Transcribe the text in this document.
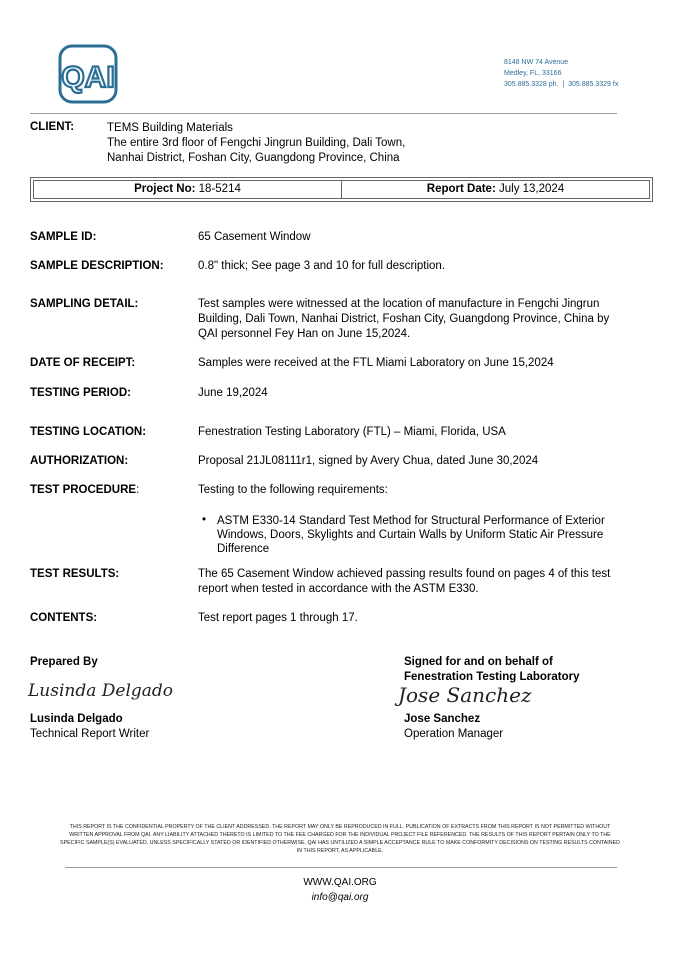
QAI	8148 NW 74 Avenue
Medley, FL, 33166
305.885.3328 ph.  |  305.885.3329 fx
CLIENT:	TEMS Building Materials
The entire 3rd floor of Fengchi Jingrun Building, Dali Town,
Nanhai District, Foshan City, Guangdong Province, China
Project No: 18-5214	Report Date: July 13,2024
SAMPLE ID:	65 Casement Window
SAMPLE DESCRIPTION:	0.8" thick; See page 3 and 10 for full description.
SAMPLING DETAIL:	Test samples were witnessed at the location of manufacture in Fengchi Jingrun Building, Dali Town, Nanhai District, Foshan City, Guangdong Province, China by QAI personnel Fey Han on June 15,2024.
DATE OF RECEIPT:	Samples were received at the FTL Miami Laboratory on June 15,2024
TESTING PERIOD:	June 19,2024
TESTING LOCATION:	Fenestration Testing Laboratory (FTL) – Miami, Florida, USA
AUTHORIZATION:	Proposal 21JL08111r1, signed by Avery Chua, dated June 30,2024
TEST PROCEDURE:	Testing to the following requirements:
• ASTM E330-14 Standard Test Method for Structural Performance of Exterior Windows, Doors, Skylights and Curtain Walls by Uniform Static Air Pressure Difference
TEST RESULTS:	The 65 Casement Window achieved passing results found on pages 4 of this test report when tested in accordance with the ASTM E330.
CONTENTS:	Test report pages 1 through 17.
Prepared By
Lusinda Delgado
Lusinda Delgado
Technical Report Writer
Signed for and on behalf of
Fenestration Testing Laboratory
Jose Sanchez
Jose Sanchez
Operation Manager
THIS REPORT IS THE CONFIDENTIAL PROPERTY OF THE CLIENT ADDRESSED. THE REPORT MAY ONLY BE REPRODUCED IN FULL. PUBLICATION OF EXTRACTS FROM THIS REPORT IS NOT PERMITTED WITHOUT WRITTEN APPROVAL FROM QAI. ANY LIABILITY ATTACHED THERETO IS LIMITED TO THE FEE CHARGED FOR THE INDIVIDUAL PROJECT FILE REFERENCED. THE RESULTS OF THIS REPORT PERTAIN ONLY TO THE SPECIFIC SAMPLE(S) EVALUATED. UNLESS SPECIFICALLY STATED OR IDENTIFIED OTHERWISE, QAI HAS UNTILIZED A SIMPLE ACCEPTANCE RULE TO MAKE CONFORMITY DECISIONS ON TESTING RESULTS CONTAINED IN THIS REPORT, AS APPLICABLE.
WWW.QAI.ORG
info@qai.org
